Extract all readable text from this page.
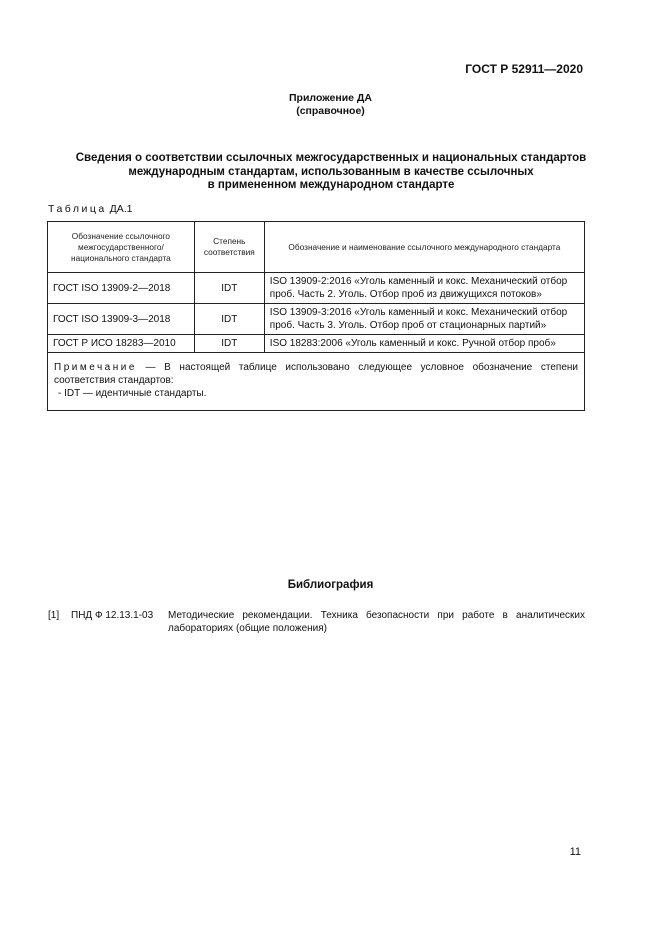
ГОСТ Р 52911—2020
Приложение ДА
(справочное)
Сведения о соответствии ссылочных межгосударственных и национальных стандартов
международным стандартам, использованным в качестве ссылочных
в примененном международном стандарте
Таблица ДА.1
Обозначение ссылочного межгосударственного/ национального стандарта	Степень соответствия	Обозначение и наименование ссылочного международного стандарта
ГОСТ ISO 13909-2—2018	IDT	ISO 13909-2:2016 «Уголь каменный и кокс. Механический отбор проб. Часть 2. Уголь. Отбор проб из движущихся потоков»
ГОСТ ISO 13909-3—2018	IDT	ISO 13909-3:2016 «Уголь каменный и кокс. Механический отбор проб. Часть 3. Уголь. Отбор проб от стационарных партий»
ГОСТ Р ИСО 18283—2010	IDT	ISO 18283:2006 «Уголь каменный и кокс. Ручной отбор проб»

Примечание — В настоящей таблице использовано следующее условное обозначение степени соответствия стандартов:
- IDT — идентичные стандарты.		
Библиография
[1] ПНД Ф 12.13.1-03 Методические рекомендации. Техника безопасности при работе в аналитических лабораториях (общие положения)
11
